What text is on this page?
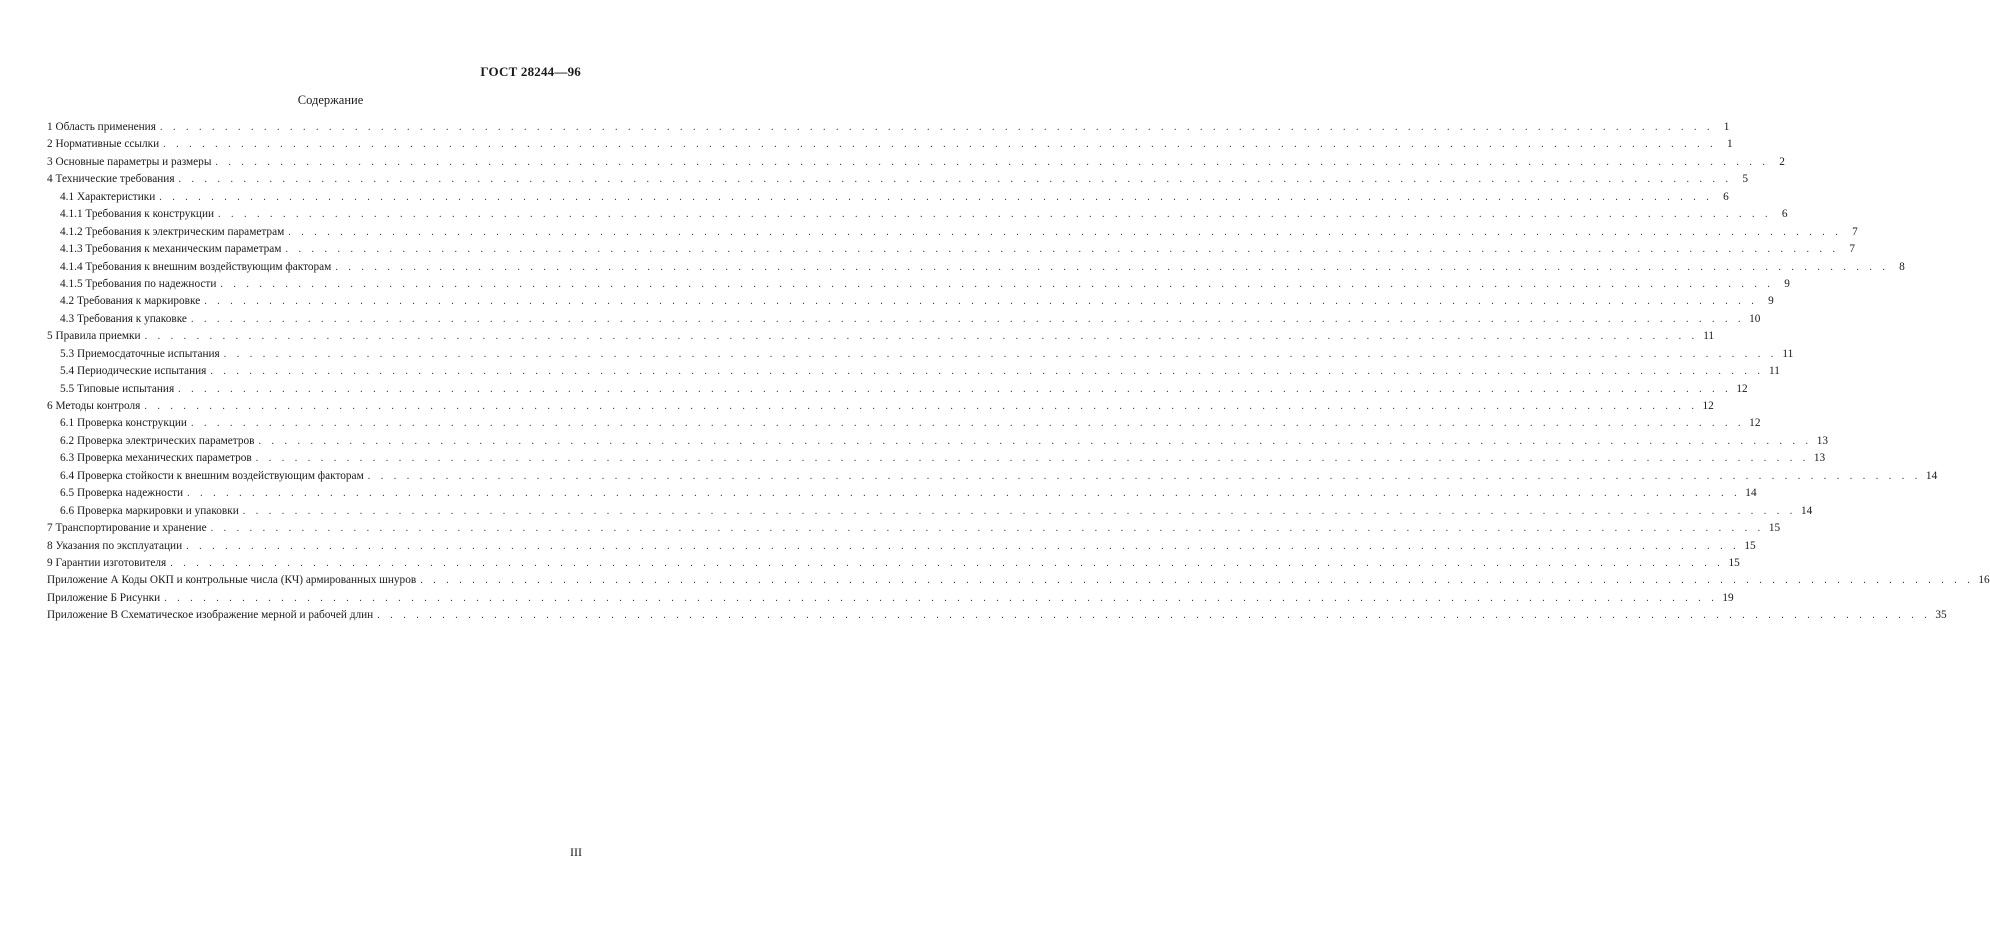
ГОСТ 28244—96
Содержание
1 Область применения . . . . . . . . . . . . . . . . . . . . . . . . . . . . . . . . . . . . . . . . . . . . . . . . . . . . . . . . . . . . . . . . . . . . . . . . . . . . . . . . . . . . . . . . . . . . . . . . . . . . . . . . . . . . . . . . . . . . . . . . 1
2 Нормативные ссылки . . . . . . . . . . . . . . . . . . . . . . . . . . . . . . . . . . . . . . . . . . . . . . . . . . . . . . . . . . . . . . . . . . . . . . . . . . . . . . . . . . . . . . . . . . . . . . . . . . . . . . . . . . . . . . . . . . . . . . . . 1
3 Основные параметры и размеры . . . . . . . . . . . . . . . . . . . . . . . . . . . . . . . . . . . . . . . . . . . . . . . . . . . . . . . . . . . . . . . . . . . . . . . . . . . . . . . . . . . . . . . . . . . . . . . . . . . . . . . . . . . . . . . . . . . . . . . . 2
4 Технические требования . . . . . . . . . . . . . . . . . . . . . . . . . . . . . . . . . . . . . . . . . . . . . . . . . . . . . . . . . . . . . . . . . . . . . . . . . . . . . . . . . . . . . . . . . . . . . . . . . . . . . . . . . . . . . . . . . . . . . . . . 5
4.1 Характеристики . . . . . . . . . . . . . . . . . . . . . . . . . . . . . . . . . . . . . . . . . . . . . . . . . . . . . . . . . . . . . . . . . . . . . . . . . . . . . . . . . . . . . . . . . . . . . . . . . . . . . . . . . . . . . . . . . . . . . . . . 6
4.1.1 Требования к конструкции . . . . . . . . . . . . . . . . . . . . . . . . . . . . . . . . . . . . . . . . . . . . . . . . . . . . . . . . . . . . . . . . . . . . . . . . . . . . . . . . . . . . . . . . . . . . . . . . . . . . . . . . . . . . . . . . . . . . . . . . 6
4.1.2 Требования к электрическим параметрам . . . . . . . . . . . . . . . . . . . . . . . . . . . . . . . . . . . . . . . . . . . . . . . . . . . . . . . . . . . . . . . . . . . . . . . . . . . . . . . . . . . . . . . . . . . . . . . . . . . . . . . . . . . . . . . . . . . . . . . . 7
4.1.3 Требования к механическим параметрам . . . . . . . . . . . . . . . . . . . . . . . . . . . . . . . . . . . . . . . . . . . . . . . . . . . . . . . . . . . . . . . . . . . . . . . . . . . . . . . . . . . . . . . . . . . . . . . . . . . . . . . . . . . . . . . . . . . . . . . . 7
4.1.4 Требования к внешним воздействующим факторам . . . . . . . . . . . . . . . . . . . . . . . . . . . . . . . . . . . . . . . . . . . . . . . . . . . . . . . . . . . . . . . . . . . . . . . . . . . . . . . . . . . . . . . . . . . . . . . . . . . . . . . . . . . . . . . . . . . . . . . . 8
4.1.5 Требования по надежности . . . . . . . . . . . . . . . . . . . . . . . . . . . . . . . . . . . . . . . . . . . . . . . . . . . . . . . . . . . . . . . . . . . . . . . . . . . . . . . . . . . . . . . . . . . . . . . . . . . . . . . . . . . . . . . . . . . . . . . . 9
4.2 Требования к маркировке . . . . . . . . . . . . . . . . . . . . . . . . . . . . . . . . . . . . . . . . . . . . . . . . . . . . . . . . . . . . . . . . . . . . . . . . . . . . . . . . . . . . . . . . . . . . . . . . . . . . . . . . . . . . . . . . . . . . . . . . 9
4.3 Требования к упаковке . . . . . . . . . . . . . . . . . . . . . . . . . . . . . . . . . . . . . . . . . . . . . . . . . . . . . . . . . . . . . . . . . . . . . . . . . . . . . . . . . . . . . . . . . . . . . . . . . . . . . . . . . . . . . . . . . . . . . . . . 10
5 Правила приемки . . . . . . . . . . . . . . . . . . . . . . . . . . . . . . . . . . . . . . . . . . . . . . . . . . . . . . . . . . . . . . . . . . . . . . . . . . . . . . . . . . . . . . . . . . . . . . . . . . . . . . . . . . . . . . . . . . . . . . . . 11
5.3 Приемосдаточные испытания . . . . . . . . . . . . . . . . . . . . . . . . . . . . . . . . . . . . . . . . . . . . . . . . . . . . . . . . . . . . . . . . . . . . . . . . . . . . . . . . . . . . . . . . . . . . . . . . . . . . . . . . . . . . . . . . . . . . . . . . 11
5.4 Периодические испытания . . . . . . . . . . . . . . . . . . . . . . . . . . . . . . . . . . . . . . . . . . . . . . . . . . . . . . . . . . . . . . . . . . . . . . . . . . . . . . . . . . . . . . . . . . . . . . . . . . . . . . . . . . . . . . . . . . . . . . . . 11
5.5 Типовые испытания . . . . . . . . . . . . . . . . . . . . . . . . . . . . . . . . . . . . . . . . . . . . . . . . . . . . . . . . . . . . . . . . . . . . . . . . . . . . . . . . . . . . . . . . . . . . . . . . . . . . . . . . . . . . . . . . . . . . . . . . 12
6 Методы контроля . . . . . . . . . . . . . . . . . . . . . . . . . . . . . . . . . . . . . . . . . . . . . . . . . . . . . . . . . . . . . . . . . . . . . . . . . . . . . . . . . . . . . . . . . . . . . . . . . . . . . . . . . . . . . . . . . . . . . . . . 12
6.1 Проверка конструкции . . . . . . . . . . . . . . . . . . . . . . . . . . . . . . . . . . . . . . . . . . . . . . . . . . . . . . . . . . . . . . . . . . . . . . . . . . . . . . . . . . . . . . . . . . . . . . . . . . . . . . . . . . . . . . . . . . . . . . . . 12
6.2 Проверка электрических параметров . . . . . . . . . . . . . . . . . . . . . . . . . . . . . . . . . . . . . . . . . . . . . . . . . . . . . . . . . . . . . . . . . . . . . . . . . . . . . . . . . . . . . . . . . . . . . . . . . . . . . . . . . . . . . . . . . . . . . . . . 13
6.3 Проверка механических параметров . . . . . . . . . . . . . . . . . . . . . . . . . . . . . . . . . . . . . . . . . . . . . . . . . . . . . . . . . . . . . . . . . . . . . . . . . . . . . . . . . . . . . . . . . . . . . . . . . . . . . . . . . . . . . . . . . . . . . . . . 13
6.4 Проверка стойкости к внешним воздействующим факторам . . . . . . . . . . . . . . . . . . . . . . . . . . . . . . . . . . . . . . . . . . . . . . . . . . . . . . . . . . . . . . . . . . . . . . . . . . . . . . . . . . . . . . . . . . . . . . . . . . . . . . . . . . . . . . . . . . . . . . . . 14
6.5 Проверка надежности . . . . . . . . . . . . . . . . . . . . . . . . . . . . . . . . . . . . . . . . . . . . . . . . . . . . . . . . . . . . . . . . . . . . . . . . . . . . . . . . . . . . . . . . . . . . . . . . . . . . . . . . . . . . . . . . . . . . . . . . 14
6.6 Проверка маркировки и упаковки . . . . . . . . . . . . . . . . . . . . . . . . . . . . . . . . . . . . . . . . . . . . . . . . . . . . . . . . . . . . . . . . . . . . . . . . . . . . . . . . . . . . . . . . . . . . . . . . . . . . . . . . . . . . . . . . . . . . . . . . 14
7 Транспортирование и хранение . . . . . . . . . . . . . . . . . . . . . . . . . . . . . . . . . . . . . . . . . . . . . . . . . . . . . . . . . . . . . . . . . . . . . . . . . . . . . . . . . . . . . . . . . . . . . . . . . . . . . . . . . . . . . . . . . . . . . . . . 15
8 Указания по эксплуатации . . . . . . . . . . . . . . . . . . . . . . . . . . . . . . . . . . . . . . . . . . . . . . . . . . . . . . . . . . . . . . . . . . . . . . . . . . . . . . . . . . . . . . . . . . . . . . . . . . . . . . . . . . . . . . . . . . . . . . . . 15
9 Гарантии изготовителя . . . . . . . . . . . . . . . . . . . . . . . . . . . . . . . . . . . . . . . . . . . . . . . . . . . . . . . . . . . . . . . . . . . . . . . . . . . . . . . . . . . . . . . . . . . . . . . . . . . . . . . . . . . . . . . . . . . . . . . . 15
Приложение А Коды ОКП и контрольные числа (КЧ) армированных шнуров . . . . . . . . . . . . . . . . . . . . . . . . . . . . . . . . . . . . . . . . . . . . . . . . . . . . . . . . . . . . . . . . . . . . . . . . . . . . . . . . . . . . . . . . . . . . . . . . . . . . . . . . . . . . . . . . . . . . . . . . 16
Приложение Б Рисунки . . . . . . . . . . . . . . . . . . . . . . . . . . . . . . . . . . . . . . . . . . . . . . . . . . . . . . . . . . . . . . . . . . . . . . . . . . . . . . . . . . . . . . . . . . . . . . . . . . . . . . . . . . . . . . . . . . . . . . . . 19
Приложение В Схематическое изображение мерной и рабочей длин . . . . . . . . . . . . . . . . . . . . . . . . . . . . . . . . . . . . . . . . . . . . . . . . . . . . . . . . . . . . . . . . . . . . . . . . . . . . . . . . . . . . . . . . . . . . . . . . . . . . . . . . . . . . . . . . . . . . . . . . 35
III
